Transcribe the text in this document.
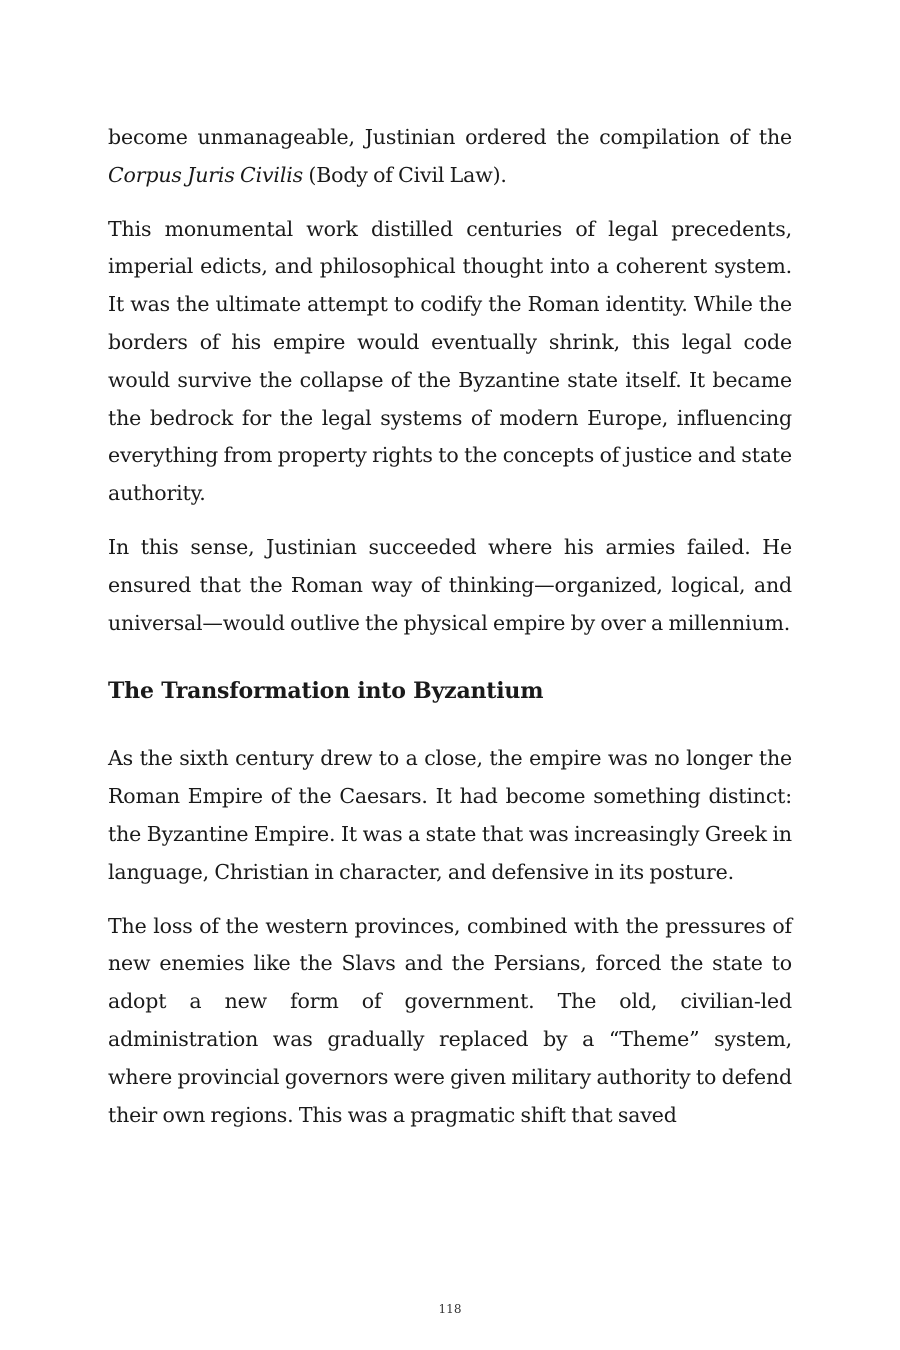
become unmanageable, Justinian ordered the compilation of the Corpus Juris Civilis (Body of Civil Law).

This monumental work distilled centuries of legal precedents, imperial edicts, and philosophical thought into a coherent system. It was the ultimate attempt to codify the Roman identity. While the borders of his empire would eventually shrink, this legal code would survive the collapse of the Byzantine state itself. It became the bedrock for the legal systems of modern Europe, influencing everything from property rights to the concepts of justice and state authority.

In this sense, Justinian succeeded where his armies failed. He ensured that the Roman way of thinking—organized, logical, and universal—would outlive the physical empire by over a millennium.

The Transformation into Byzantium

As the sixth century drew to a close, the empire was no longer the Roman Empire of the Caesars. It had become something distinct: the Byzantine Empire. It was a state that was increasingly Greek in language, Christian in character, and defensive in its posture.

The loss of the western provinces, combined with the pressures of new enemies like the Slavs and the Persians, forced the state to adopt a new form of government. The old, civilian-led administration was gradually replaced by a “Theme” system, where provincial governors were given military authority to defend their own regions. This was a pragmatic shift that saved

118
